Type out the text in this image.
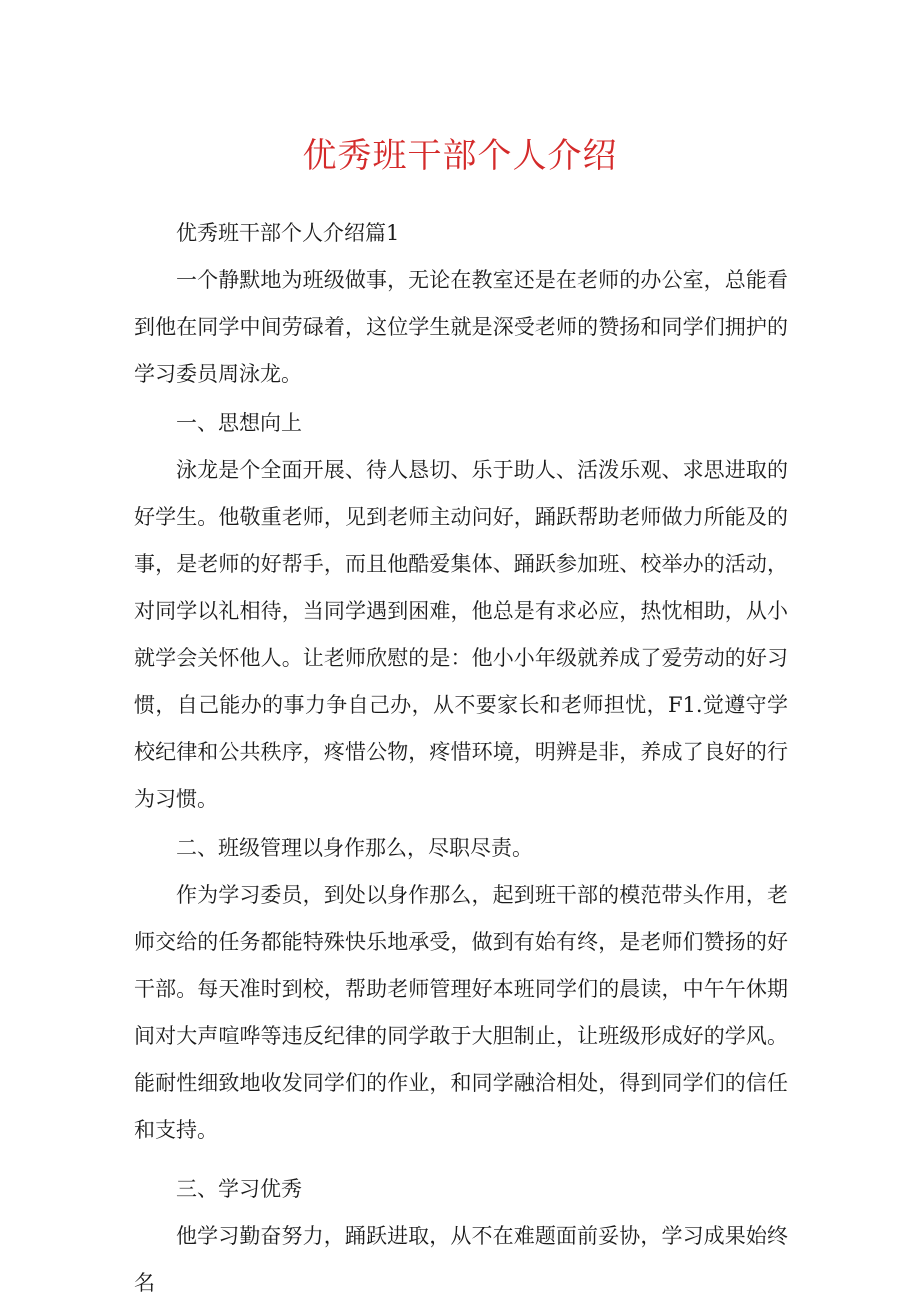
优秀班干部个人介绍

优秀班干部个人介绍篇1

一个静默地为班级做事，无论在教室还是在老师的办公室，总能看到他在同学中间劳碌着，这位学生就是深受老师的赞扬和同学们拥护的学习委员周泳龙。

一、思想向上

泳龙是个全面开展、待人恳切、乐于助人、活泼乐观、求思进取的好学生。他敬重老师，见到老师主动问好，踊跃帮助老师做力所能及的事，是老师的好帮手，而且他酷爱集体、踊跃参加班、校举办的活动，对同学以礼相待，当同学遇到困难，他总是有求必应，热忱相助，从小就学会关怀他人。让老师欣慰的是：他小小年级就养成了爱劳动的好习惯，自己能办的事力争自己办，从不要家长和老师担忧，F1.觉遵守学校纪律和公共秩序，疼惜公物，疼惜环境，明辨是非，养成了良好的行为习惯。

二、班级管理以身作那么，尽职尽责。

作为学习委员，到处以身作那么，起到班干部的模范带头作用，老师交给的任务都能特殊快乐地承受，做到有始有终，是老师们赞扬的好干部。每天准时到校，帮助老师管理好本班同学们的晨读，中午午休期间对大声喧哗等违反纪律的同学敢于大胆制止，让班级形成好的学风。能耐性细致地收发同学们的作业，和同学融洽相处，得到同学们的信任和支持。

三、学习优秀

他学习勤奋努力，踊跃进取，从不在难题面前妥协，学习成果始终名
